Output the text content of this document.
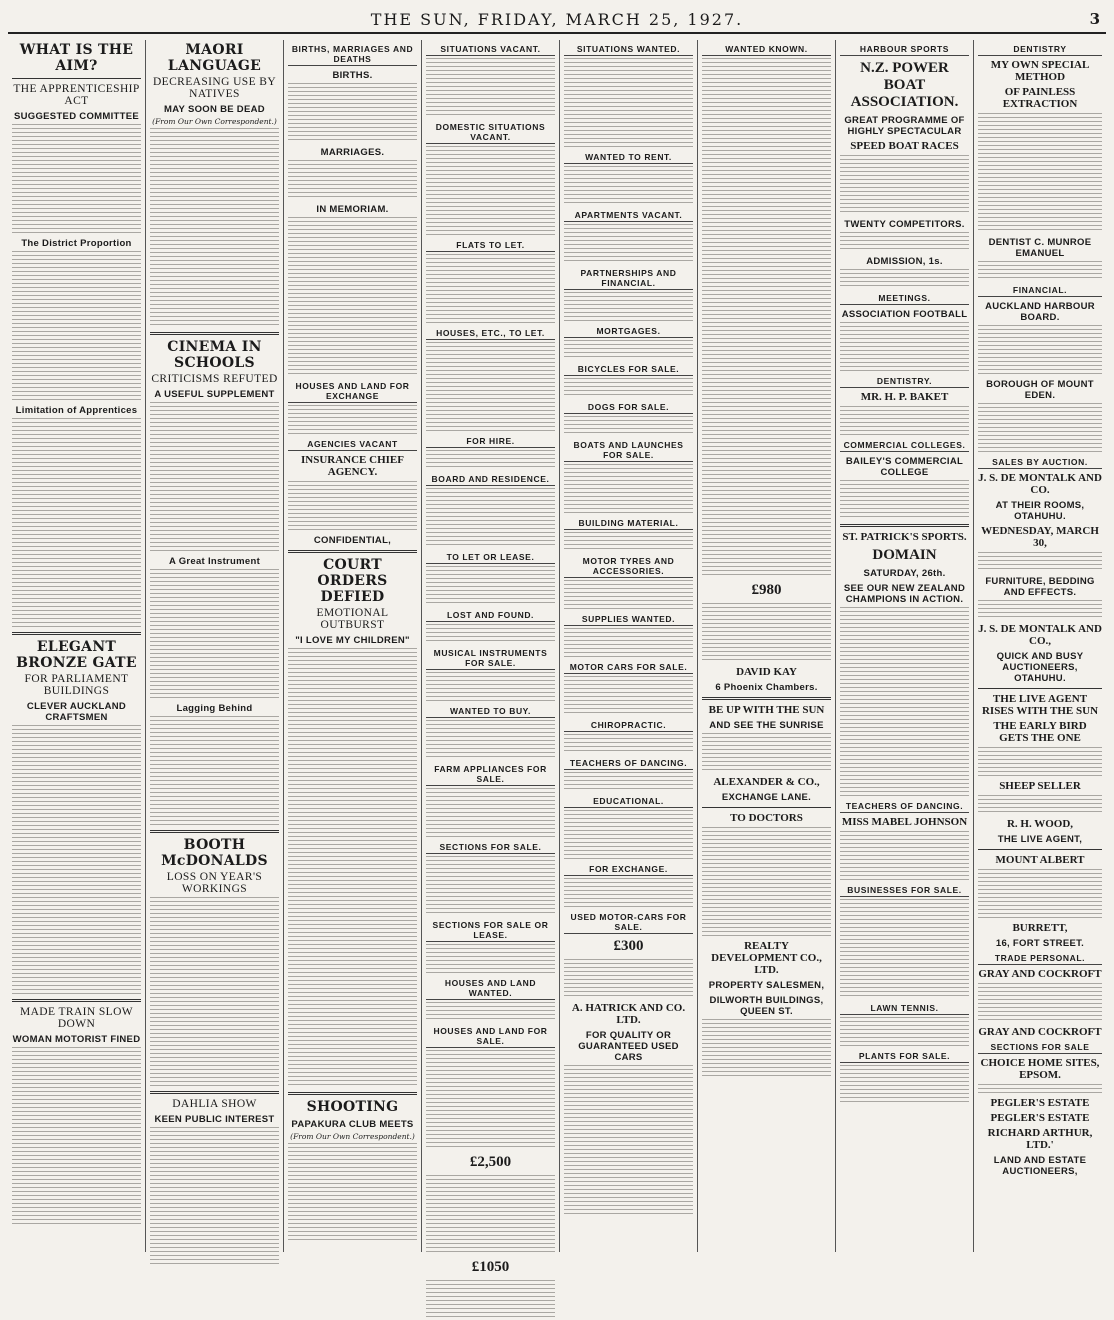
THE SUN, FRIDAY, MARCH 25, 1927.	3
WHAT IS THE AIM?
THE APPRENTICESHIP ACT
SUGGESTED COMMITTEE
The District Proportion
Limitation of Apprentices
ELEGANT BRONZE GATE
FOR PARLIAMENT BUILDINGS
CLEVER AUCKLAND CRAFTSMEN
MADE TRAIN SLOW DOWN
WOMAN MOTORIST FINED
MAORI LANGUAGE
DECREASING USE BY NATIVES
MAY SOON BE DEAD
(From Our Own Correspondent.)
CINEMA IN SCHOOLS
CRITICISMS REFUTED
A USEFUL SUPPLEMENT
A Great Instrument
Lagging Behind
BOOTH McDONALDS
LOSS ON YEAR'S WORKINGS
DAHLIA SHOW
KEEN PUBLIC INTEREST
BIRTHS, MARRIAGES AND DEATHS
BIRTHS.
MARRIAGES.
IN MEMORIAM.
HOUSES AND LAND FOR EXCHANGE
AGENCIES VACANT
INSURANCE CHIEF AGENCY.
CONFIDENTIAL,
COURT ORDERS DEFIED
EMOTIONAL OUTBURST
"I LOVE MY CHILDREN"
SHOOTING
PAPAKURA CLUB MEETS
(From Our Own Correspondent.)
SITUATIONS VACANT.
DOMESTIC SITUATIONS VACANT.
FLATS TO LET.
HOUSES, ETC., TO LET.
FOR HIRE.
BOARD AND RESIDENCE.
TO LET OR LEASE.
LOST AND FOUND.
MUSICAL INSTRUMENTS FOR SALE.
WANTED TO BUY.
FARM APPLIANCES FOR SALE.
SECTIONS FOR SALE.
SECTIONS FOR SALE OR LEASE.
HOUSES AND LAND WANTED.
HOUSES AND LAND FOR SALE.
£2,500
£1050
SITUATIONS WANTED.
WANTED TO RENT.
APARTMENTS VACANT.
PARTNERSHIPS AND FINANCIAL.
MORTGAGES.
BICYCLES FOR SALE.
DOGS FOR SALE.
BOATS AND LAUNCHES FOR SALE.
BUILDING MATERIAL.
MOTOR TYRES AND ACCESSORIES.
SUPPLIES WANTED.
MOTOR CARS FOR SALE.
CHIROPRACTIC.
TEACHERS OF DANCING.
EDUCATIONAL.
FOR EXCHANGE.
USED MOTOR-CARS FOR SALE.
£300
A. HATRICK AND CO. LTD.
FOR QUALITY OR GUARANTEED USED CARS
WANTED KNOWN.
£980
DAVID KAY
6 Phoenix Chambers.
BE UP WITH THE SUN
AND SEE THE SUNRISE
ALEXANDER & CO.,
EXCHANGE LANE.
TO DOCTORS
REALTY DEVELOPMENT CO., LTD.
PROPERTY SALESMEN,
DILWORTH BUILDINGS, QUEEN ST.
HARBOUR SPORTS
N.Z. POWER BOAT ASSOCIATION.
GREAT PROGRAMME OF HIGHLY SPECTACULAR
SPEED BOAT RACES
TWENTY COMPETITORS.
ADMISSION, 1s.
MEETINGS.
ASSOCIATION FOOTBALL
DENTISTRY.
MR. H. P. BAKET
COMMERCIAL COLLEGES.
BAILEY'S COMMERCIAL COLLEGE
ST. PATRICK'S SPORTS.
DOMAIN
SATURDAY, 26th.
SEE OUR NEW ZEALAND CHAMPIONS IN ACTION.
TEACHERS OF DANCING.
MISS MABEL JOHNSON
BUSINESSES FOR SALE.
LAWN TENNIS.
PLANTS FOR SALE.
DENTISTRY
MY OWN SPECIAL METHOD
OF PAINLESS EXTRACTION
DENTIST C. MUNROE EMANUEL
FINANCIAL.
AUCKLAND HARBOUR BOARD.
BOROUGH OF MOUNT EDEN.
SALES BY AUCTION.
J. S. DE MONTALK AND CO.
AT THEIR ROOMS, OTAHUHU.
WEDNESDAY, MARCH 30,
FURNITURE, BEDDING AND EFFECTS.
J. S. DE MONTALK AND CO.,
QUICK AND BUSY AUCTIONEERS, OTAHUHU.
THE LIVE AGENT RISES WITH THE SUN
THE EARLY BIRD GETS THE ONE
SHEEP SELLER
R. H. WOOD,
THE LIVE AGENT,
MOUNT ALBERT
BURRETT,
16, FORT STREET.
TRADE PERSONAL.
GRAY AND COCKROFT
GRAY AND COCKROFT
SECTIONS FOR SALE
CHOICE HOME SITES, EPSOM.
PEGLER'S ESTATE
PEGLER'S ESTATE
RICHARD ARTHUR, LTD.'
LAND AND ESTATE AUCTIONEERS,
